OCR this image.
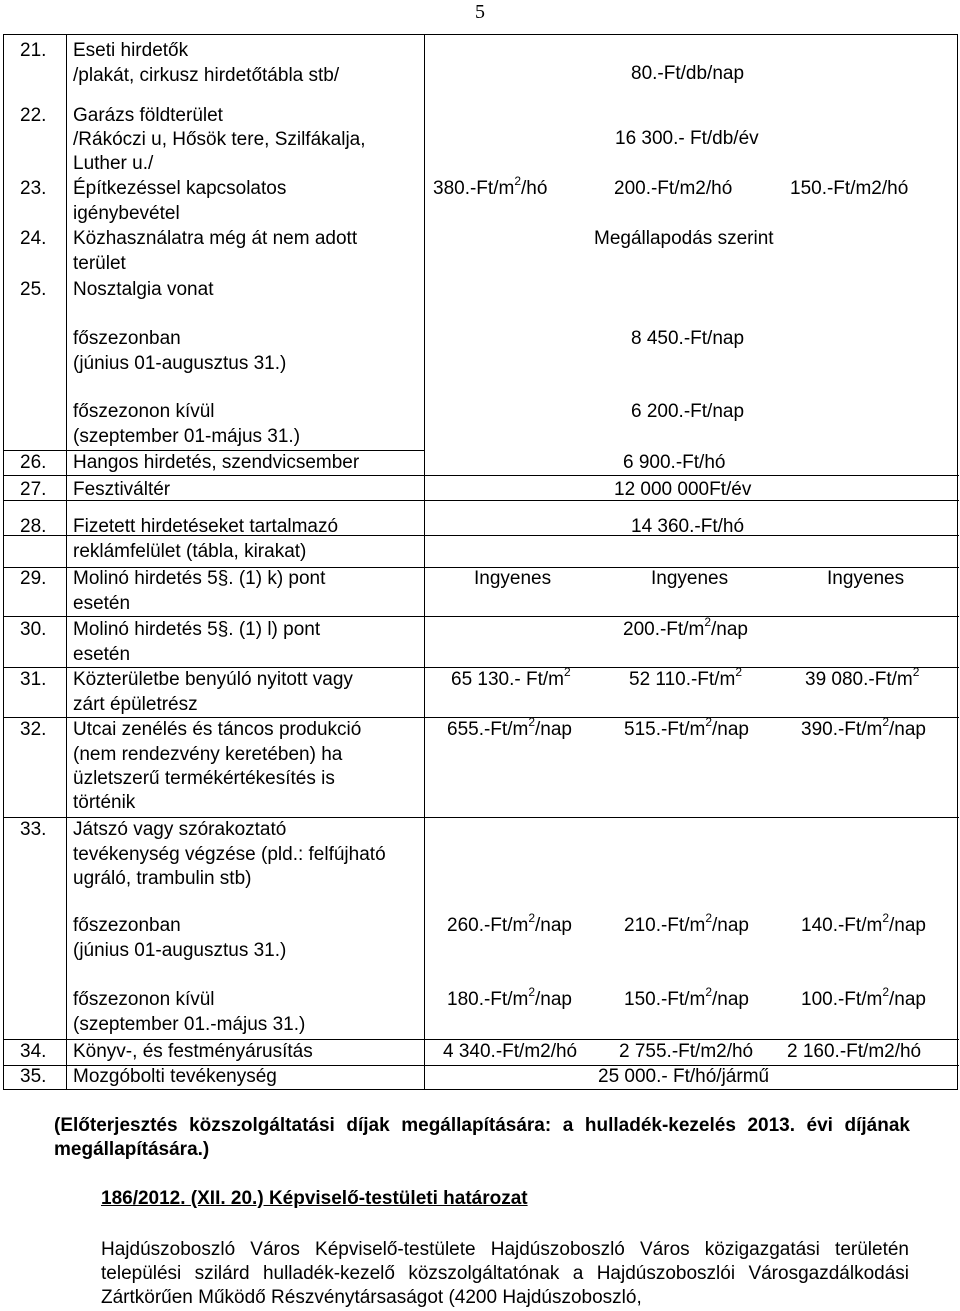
5
21. Eseti hirdetők
/plakát, cirkusz hirdetőtábla stb/	80.-Ft/db/nap
22. Garázs földterület
/Rákóczi u, Hősök tere, Szilfákalja,
Luther u./
16 300.- Ft/db/év
23. Építkezéssel kapcsolatos
igénybevétel
$380.-Ft/m^2/hó$	200.-Ft/m2/hó	150.-Ft/m2/hó
24. Közhasználatra még át nem adott
terület
Megállapodás szerint
25. Nosztalgia vonat
főszezonban
(június 01-augusztus 31.)
8 450.-Ft/nap
főszezonon kívül
(szeptember 01-május 31.)
6 200.-Ft/nap
26. Hangos hirdetés, szendvicsember	6 900.-Ft/hó
27. Fesztiváltér	12 000 000Ft/év
28. Fizetett hirdetéseket tartalmazó
reklámfelület (tábla, kirakat)
14 360.-Ft/hó
29. Molinó hirdetés 5§. (1) k) pont
esetén
Ingyenes	Ingyenes	Ingyenes
30. Molinó hirdetés 5§. (1) l) pont
esetén
$200.-Ft/m^2$/nap
31. Közterületbe benyúló nyitott vagy
zárt épületrész
65 130.- $Ft/m^2$	52 $110.-Ft/m^2$	39 $080.-Ft/m^2$
32. Utcai zenélés és táncos produkció
(nem rendezvény keretében) ha
üzletszerű termékértékesítés is
történik
$655.-Ft/m^2$/nap	$515.-Ft/m^2$/nap	$390.-Ft/m^2$/nap
33. Játszó vagy szórakoztató
tevékenység végzése (pld.: felfújható
ugráló, trambulin stb)
főszezonban
(június 01-augusztus 31.)
$260.-Ft/m^2$/nap	$210.-Ft/m^2$/nap	$140.-Ft/m^2$/nap
főszezonon kívül
(szeptember 01.-május 31.)
$180.-Ft/m^2$/nap	$150.-Ft/m^2$/nap	$100.-Ft/m^2$/nap
34. Könyv-, és festményárusítás	4 340.-Ft/m2/hó 2 755.-Ft/m2/hó 2 160.-Ft/m2/hó
35. Mozgóbolti tevékenység	25 000.- Ft/hó/jármű
(Előterjesztés közszolgáltatási díjak megállapítására: a hulladék-kezelés 2013. évi díjának megállapítására.)
186/2012. (XII. 20.) Képviselő-testületi határozat
Hajdúszoboszló Város Képviselő-testülete Hajdúszoboszló Város közigazgatási területén települési szilárd hulladék-kezelő közszolgáltatónak a Hajdúszoboszlói Városgazdálkodási Zártkörűen Működő Részvénytársaságot (4200 Hajdúszoboszló,
